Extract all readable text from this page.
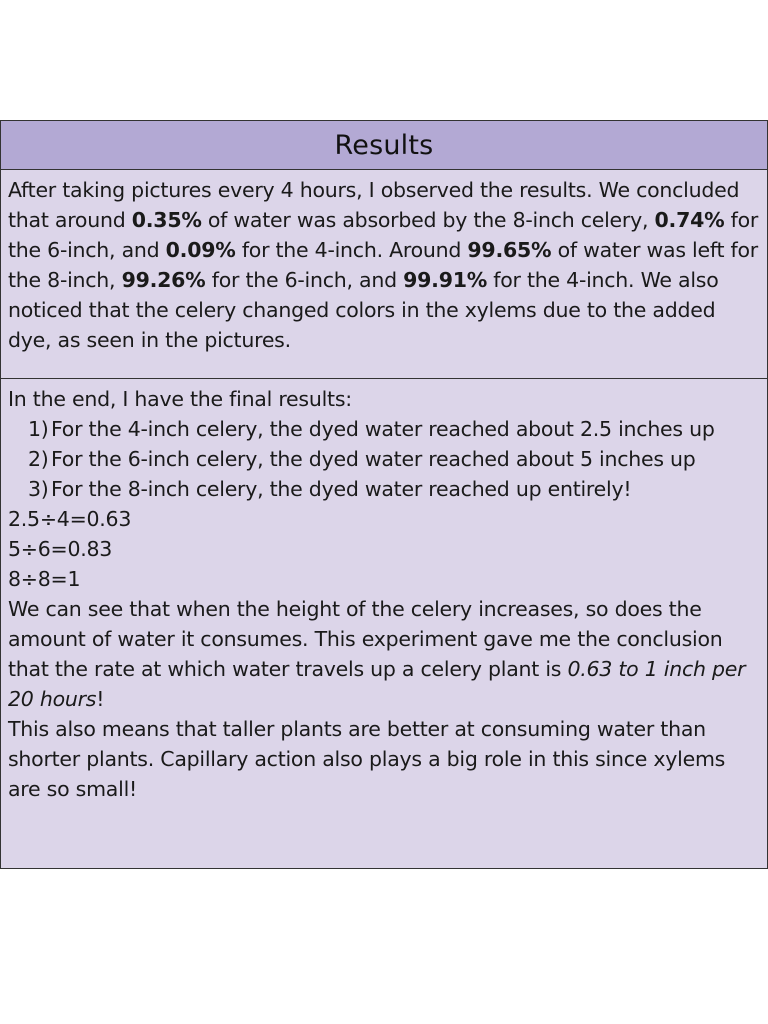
Results

After taking pictures every 4 hours, I observed the results. We concluded that around 0.35% of water was absorbed by the 8-inch celery, 0.74% for the 6-inch, and 0.09% for the 4-inch. Around 99.65% of water was left for the 8-inch, 99.26% for the 6-inch, and 99.91% for the 4-inch. We also noticed that the celery changed colors in the xylems due to the added dye, as seen in the pictures.

In the end, I have the final results:

1) For the 4-inch celery, the dyed water reached about 2.5 inches up
2) For the 6-inch celery, the dyed water reached about 5 inches up
3) For the 8-inch celery, the dyed water reached up entirely!

2.5÷4=0.63

5÷6=0.83

8÷8=1

We can see that when the height of the celery increases, so does the amount of water it consumes. This experiment gave me the conclusion that the rate at which water travels up a celery plant is 0.63 to 1 inch per 20 hours!

This also means that taller plants are better at consuming water than shorter plants. Capillary action also plays a big role in this since xylems are so small!
